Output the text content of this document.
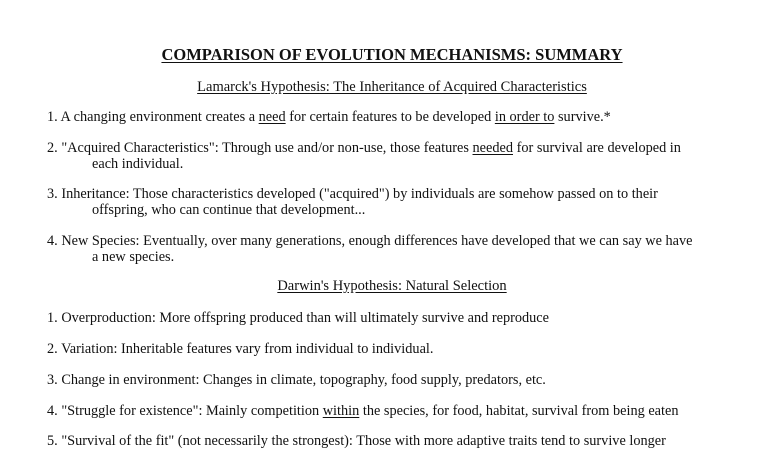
COMPARISON OF EVOLUTION MECHANISMS: SUMMARY
Lamarck's Hypothesis: The Inheritance of Acquired Characteristics
1. A changing environment creates a need for certain features to be developed in order to survive.*
2. "Acquired Characteristics": Through use and/or non-use, those features needed for survival are developed in
each individual.
3. Inheritance: Those characteristics developed ("acquired") by individuals are somehow passed on to their
offspring, who can continue that development...
4. New Species: Eventually, over many generations, enough differences have developed that we can say we have
a new species.
Darwin's Hypothesis: Natural Selection
1. Overproduction: More offspring produced than will ultimately survive and reproduce
2. Variation: Inheritable features vary from individual to individual.
3. Change in environment: Changes in climate, topography, food supply, predators, etc.
4. "Struggle for existence": Mainly competition within the species, for food, habitat, survival from being eaten
5. "Survival of the fit" (not necessarily the strongest): Those with more adaptive traits tend to survive longer
